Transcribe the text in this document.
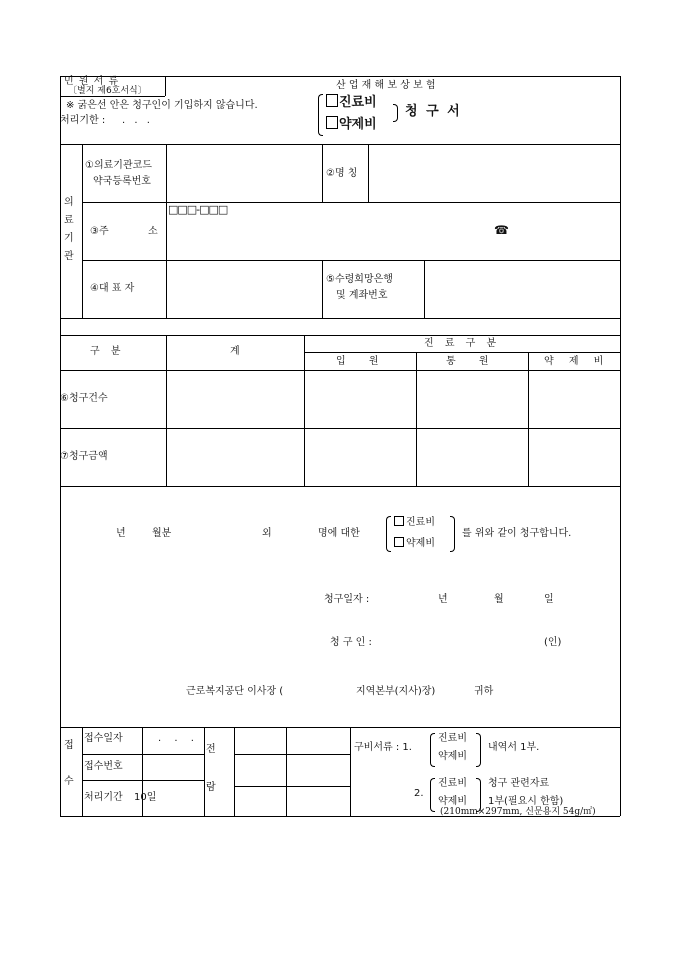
민 원 서 류
〔별지 제6호서식〕
※ 굵은선 안은 청구인이 기입하지 않습니다.
처리기한 : . . .
산 업 재 해 보 상 보 험
진료비
약제비
청 구 서
의
료
기
관
①의료기관코드
약국등록번호
②명 칭
③주	소
□□□-□□□
☎
④대 표 자
⑤수령희망은행
및 계좌번호
구 분	계
진 료 구 분
입 원	통 원	약 제 비
⑥청구건수
⑦청구금액
년	월분	외	명에 대한
진료비
약제비
를 위와 같이 청구합니다.
청구일자 :	년	월	일
청 구 인 :	(인)
근로복지공단 이사장 (	지역본부(지사)장)	귀하
접
수
접수일자	. . .
접수번호
처리기간 10일
전
람
구비서류 : 1.
진료비
약제비
내역서 1부.
2.
진료비
약제비
청구 관련자료
1부(필요시 한함)
(210mm×297mm, 신문용지 54g/㎡)
